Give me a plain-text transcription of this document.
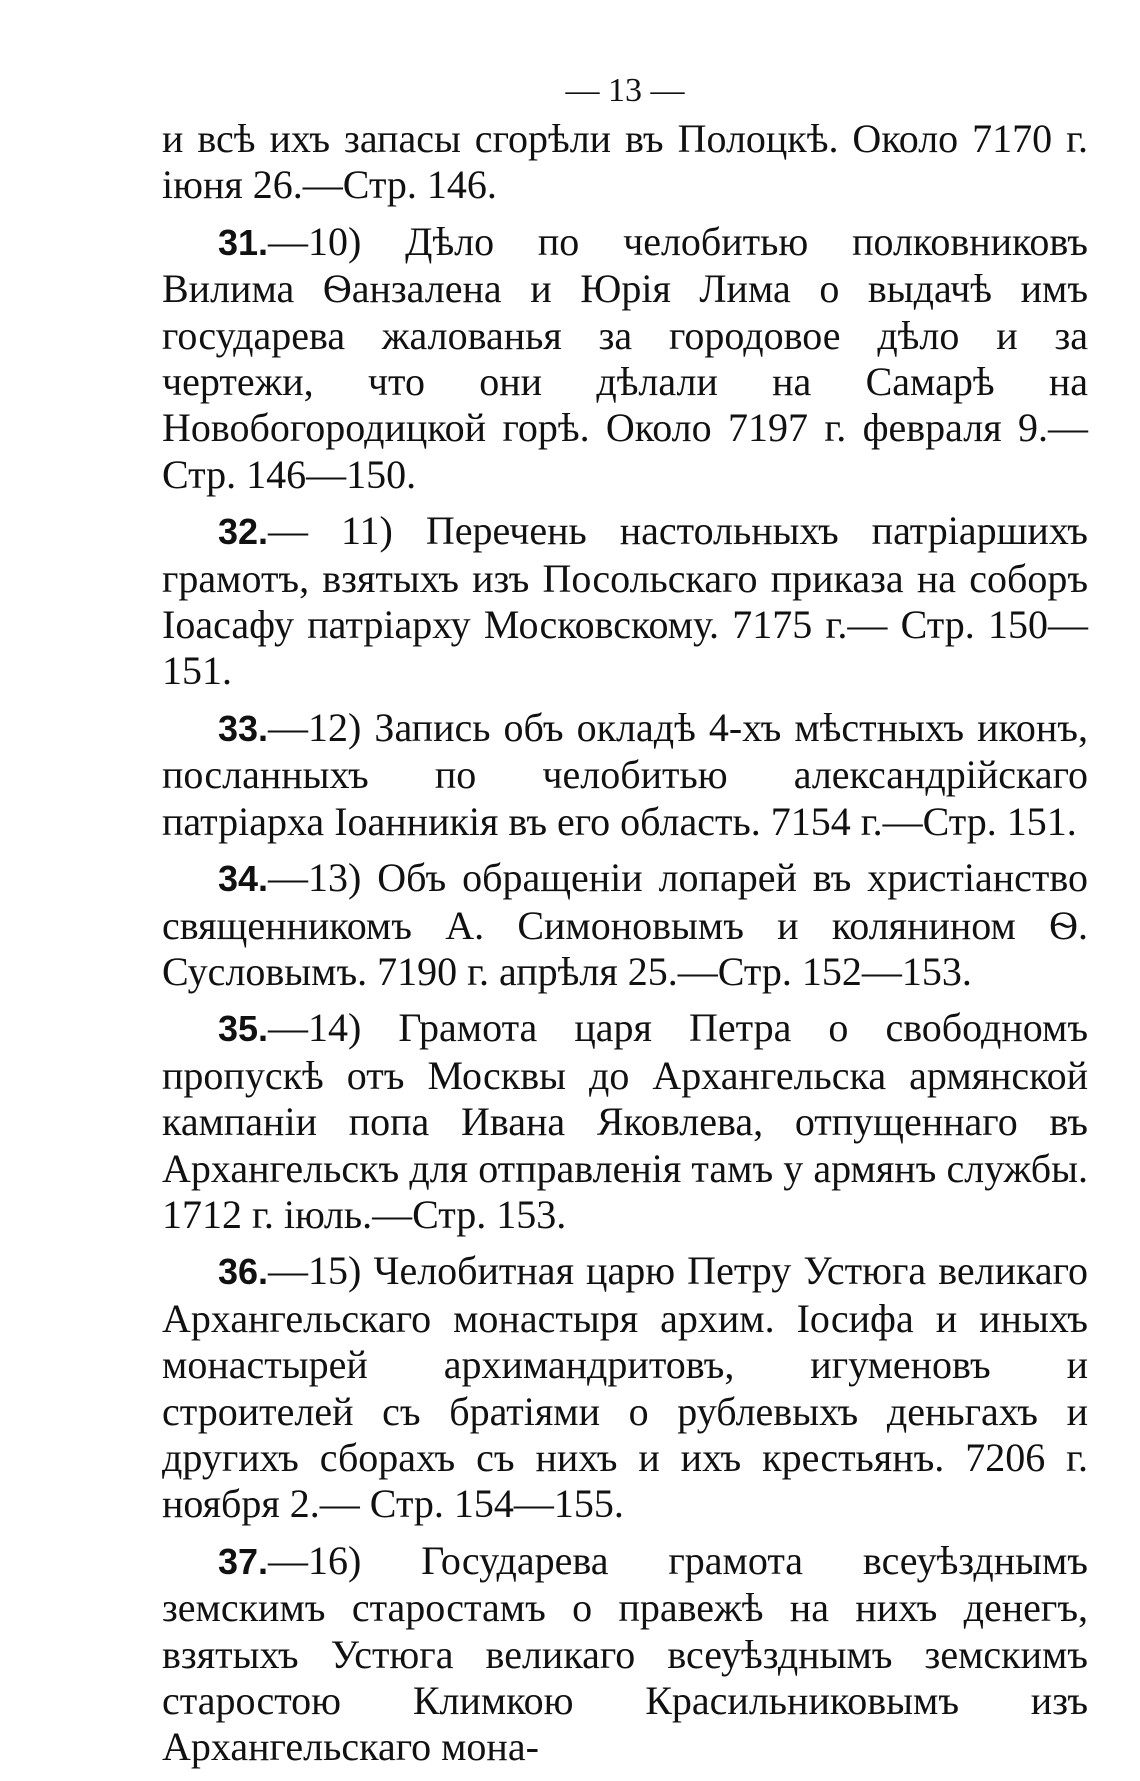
— 13 —

и всѣ ихъ запасы сгорѣли въ Полоцкѣ. Около 7170 г. іюня 26.—Стр. 146.

31.—10) Дѣло по челобитью полковниковъ Вилима Ѳанзалена и Юрія Лима о выдачѣ имъ государева жалованья за городовое дѣло и за чертежи, что они дѣлали на Самарѣ на Новобогородицкой горѣ. Около 7197 г. февраля 9.—Стр. 146—150.

32.— 11) Перечень настольныхъ патріаршихъ грамотъ, взятыхъ изъ Посольскаго приказа на соборъ Іоасафу патріарху Московскому. 7175 г.— Стр. 150—151.

33.—12) Запись объ окладѣ 4-хъ мѣстныхъ иконъ, посланныхъ по челобитью александрійскаго патріарха Іоанникія въ его область. 7154 г.—Стр. 151.

34.—13) Объ обращеніи лопарей въ христіанство священникомъ А. Симоновымъ и колянином Ѳ. Сусловымъ. 7190 г. апрѣля 25.—Стр. 152—153.

35.—14) Грамота царя Петра о свободномъ пропускѣ отъ Москвы до Архангельска армянской кампаніи попа Ивана Яковлева, отпущеннаго въ Архангельскъ для отправленія тамъ у армянъ службы. 1712 г. іюль.—Стр. 153.

36.—15) Челобитная царю Петру Устюга великаго Архангельскаго монастыря архим. Іосифа и иныхъ монастырей архимандритовъ, игуменовъ и строителей съ братіями о рублевыхъ деньгахъ и другихъ сборахъ съ нихъ и ихъ крестьянъ. 7206 г. ноября 2.— Стр. 154—155.

37.—16) Государева грамота всеуѣзднымъ земскимъ старостамъ о правежѣ на нихъ денегъ, взятыхъ Устюга великаго всеуѣзднымъ земскимъ старостою Климкою Красильниковымъ изъ Архангельскаго мона-
